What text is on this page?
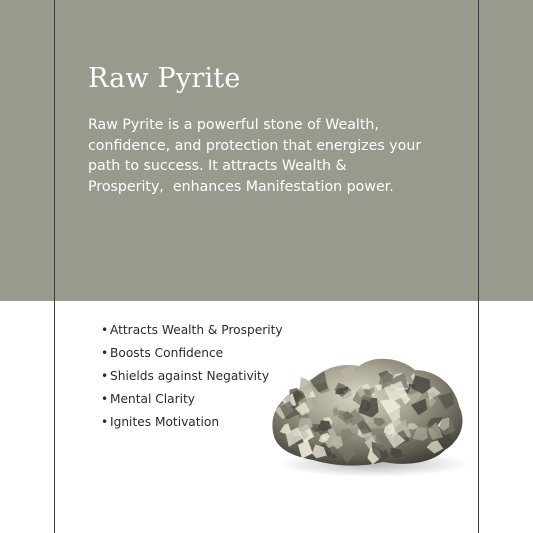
Raw Pyrite

Raw Pyrite is a powerful stone of Wealth,
confidence, and protection that energizes your
path to success. It attracts Wealth &
Prosperity,  enhances Manifestation power.

• Attracts Wealth & Prosperity
• Boosts Confidence
• Shields against Negativity
• Mental Clarity
• Ignites Motivation
